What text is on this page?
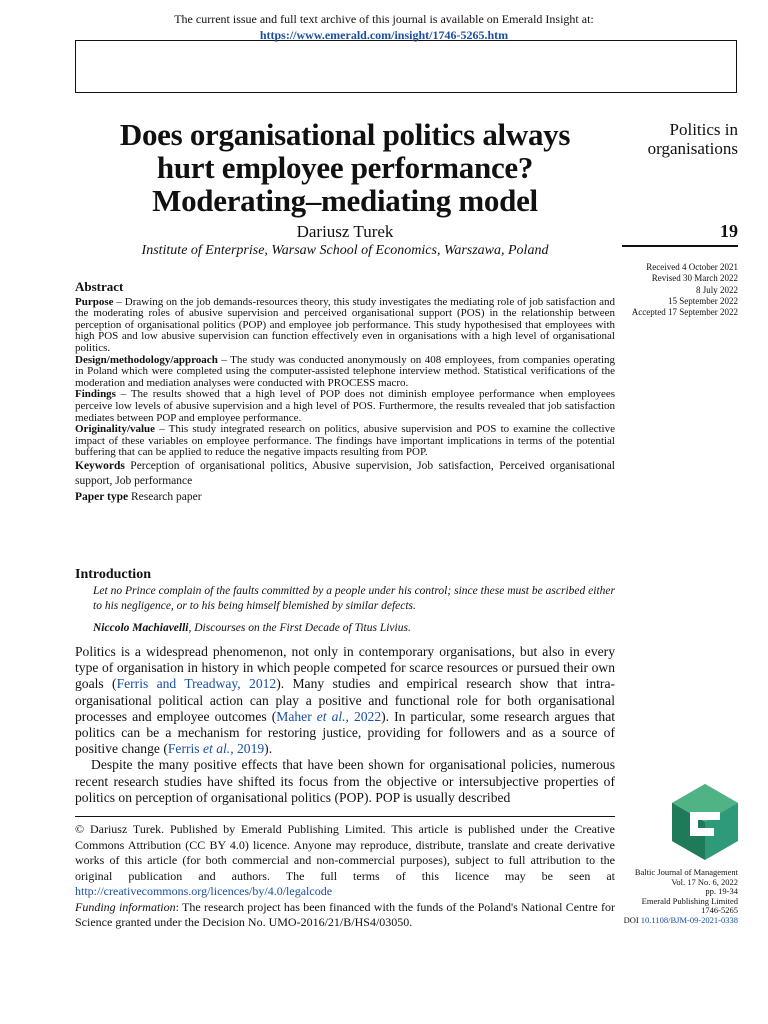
The current issue and full text archive of this journal is available on Emerald Insight at:
https://www.emerald.com/insight/1746-5265.htm
Does organisational politics always
hurt employee performance?
Moderating–mediating model
Dariusz Turek
Institute of Enterprise, Warsaw School of Economics, Warszawa, Poland
Politics in
organisations
19
Received 4 October 2021
Revised 30 March 2022
8 July 2022
15 September 2022
Accepted 17 September 2022
Abstract

Purpose – Drawing on the job demands-resources theory, this study investigates the mediating role of job satisfaction and the moderating roles of abusive supervision and perceived organisational support (POS) in the relationship between perception of organisational politics (POP) and employee job performance. This study hypothesised that employees with high POS and low abusive supervision can function effectively even in organisations with a high level of organisational politics.

Design/methodology/approach – The study was conducted anonymously on 408 employees, from companies operating in Poland which were completed using the computer-assisted telephone interview method. Statistical verifications of the moderation and mediation analyses were conducted with PROCESS macro.

Findings – The results showed that a high level of POP does not diminish employee performance when employees perceive low levels of abusive supervision and a high level of POS. Furthermore, the results revealed that job satisfaction mediates between POP and employee performance.

Originality/value – This study integrated research on politics, abusive supervision and POS to examine the collective impact of these variables on employee performance. The findings have important implications in terms of the potential buffering that can be applied to reduce the negative impacts resulting from POP.

Keywords Perception of organisational politics, Abusive supervision, Job satisfaction, Perceived organisational support, Job performance

Paper type Research paper

Introduction
Let no Prince complain of the faults committed by a people under his control; since these must be ascribed either to his negligence, or to his being himself blemished by similar defects.
Niccolo Machiavelli, Discourses on the First Decade of Titus Livius.

Politics is a widespread phenomenon, not only in contemporary organisations, but also in every type of organisation in history in which people competed for scarce resources or pursued their own goals (Ferris and Treadway, 2012). Many studies and empirical research show that intra-organisational political action can play a positive and functional role for both organisational processes and employee outcomes (Maher et al., 2022). In particular, some research argues that politics can be a mechanism for restoring justice, providing for followers and as a source of positive change (Ferris et al., 2019).

Despite the many positive effects that have been shown for organisational policies, numerous recent research studies have shifted its focus from the objective or intersubjective properties of politics on perception of organisational politics (POP). POP is usually described

© Dariusz Turek. Published by Emerald Publishing Limited. This article is published under the Creative Commons Attribution (CC BY 4.0) licence. Anyone may reproduce, distribute, translate and create derivative works of this article (for both commercial and non-commercial purposes), subject to full attribution to the original publication and authors. The full terms of this licence may be seen at http://creativecommons.org/licences/by/4.0/legalcode

Funding information: The research project has been financed with the funds of the Poland's National Centre for Science granted under the Decision No. UMO-2016/21/B/HS4/03050.

Baltic Journal of Management
Vol. 17 No. 6, 2022
pp. 19-34
Emerald Publishing Limited
1746-5265
DOI 10.1108/BJM-09-2021-0338
